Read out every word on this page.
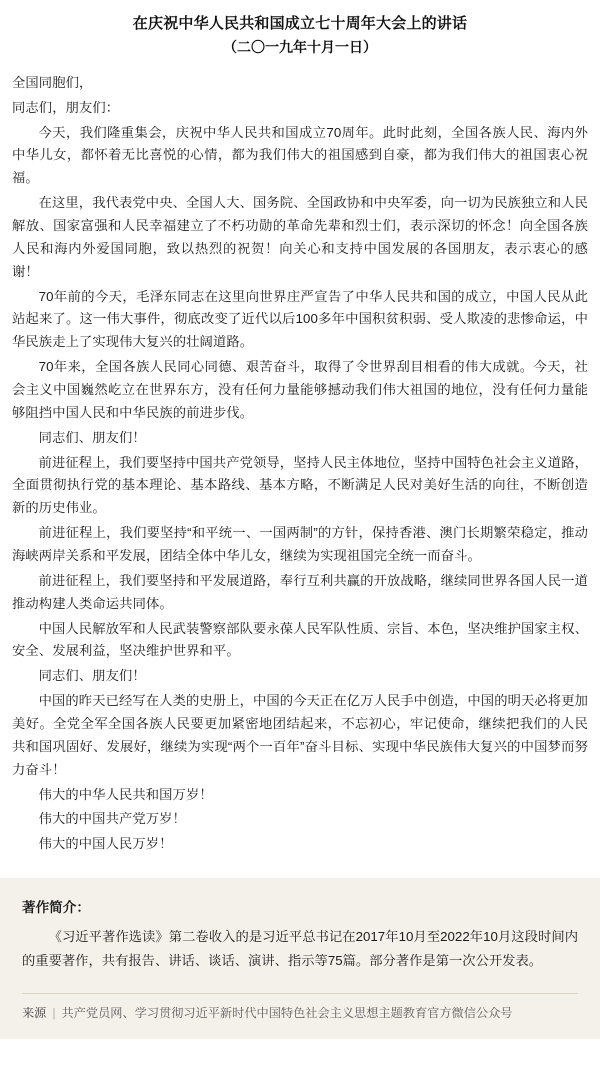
在庆祝中华人民共和国成立七十周年大会上的讲话
（二〇一九年十月一日）

全国同胞们，

同志们，朋友们：

今天，我们隆重集会，庆祝中华人民共和国成立70周年。此时此刻，全国各族人民、海内外中华儿女，都怀着无比喜悦的心情，都为我们伟大的祖国感到自豪，都为我们伟大的祖国衷心祝福。

在这里，我代表党中央、全国人大、国务院、全国政协和中央军委，向一切为民族独立和人民解放、国家富强和人民幸福建立了不朽功勋的革命先辈和烈士们，表示深切的怀念！向全国各族人民和海内外爱国同胞，致以热烈的祝贺！向关心和支持中国发展的各国朋友，表示衷心的感谢！

70年前的今天，毛泽东同志在这里向世界庄严宣告了中华人民共和国的成立，中国人民从此站起来了。这一伟大事件，彻底改变了近代以后100多年中国积贫积弱、受人欺凌的悲惨命运，中华民族走上了实现伟大复兴的壮阔道路。

70年来，全国各族人民同心同德、艰苦奋斗，取得了令世界刮目相看的伟大成就。今天，社会主义中国巍然屹立在世界东方，没有任何力量能够撼动我们伟大祖国的地位，没有任何力量能够阻挡中国人民和中华民族的前进步伐。

同志们、朋友们！

前进征程上，我们要坚持中国共产党领导，坚持人民主体地位，坚持中国特色社会主义道路，全面贯彻执行党的基本理论、基本路线、基本方略，不断满足人民对美好生活的向往，不断创造新的历史伟业。

前进征程上，我们要坚持“和平统一、一国两制”的方针，保持香港、澳门长期繁荣稳定，推动海峡两岸关系和平发展，团结全体中华儿女，继续为实现祖国完全统一而奋斗。

前进征程上，我们要坚持和平发展道路，奉行互利共赢的开放战略，继续同世界各国人民一道推动构建人类命运共同体。

中国人民解放军和人民武装警察部队要永葆人民军队性质、宗旨、本色，坚决维护国家主权、安全、发展利益，坚决维护世界和平。

同志们、朋友们！

中国的昨天已经写在人类的史册上，中国的今天正在亿万人民手中创造，中国的明天必将更加美好。全党全军全国各族人民要更加紧密地团结起来，不忘初心，牢记使命，继续把我们的人民共和国巩固好、发展好，继续为实现“两个一百年”奋斗目标、实现中华民族伟大复兴的中国梦而努力奋斗！

伟大的中华人民共和国万岁！

伟大的中国共产党万岁！

伟大的中国人民万岁！

著作简介：

《习近平著作选读》第二卷收入的是习近平总书记在2017年10月至2022年10月这段时间内的重要著作，共有报告、讲话、谈话、演讲、指示等75篇。部分著作是第一次公开发表。

来源 | 共产党员网、学习贯彻习近平新时代中国特色社会主义思想主题教育官方微信公众号
